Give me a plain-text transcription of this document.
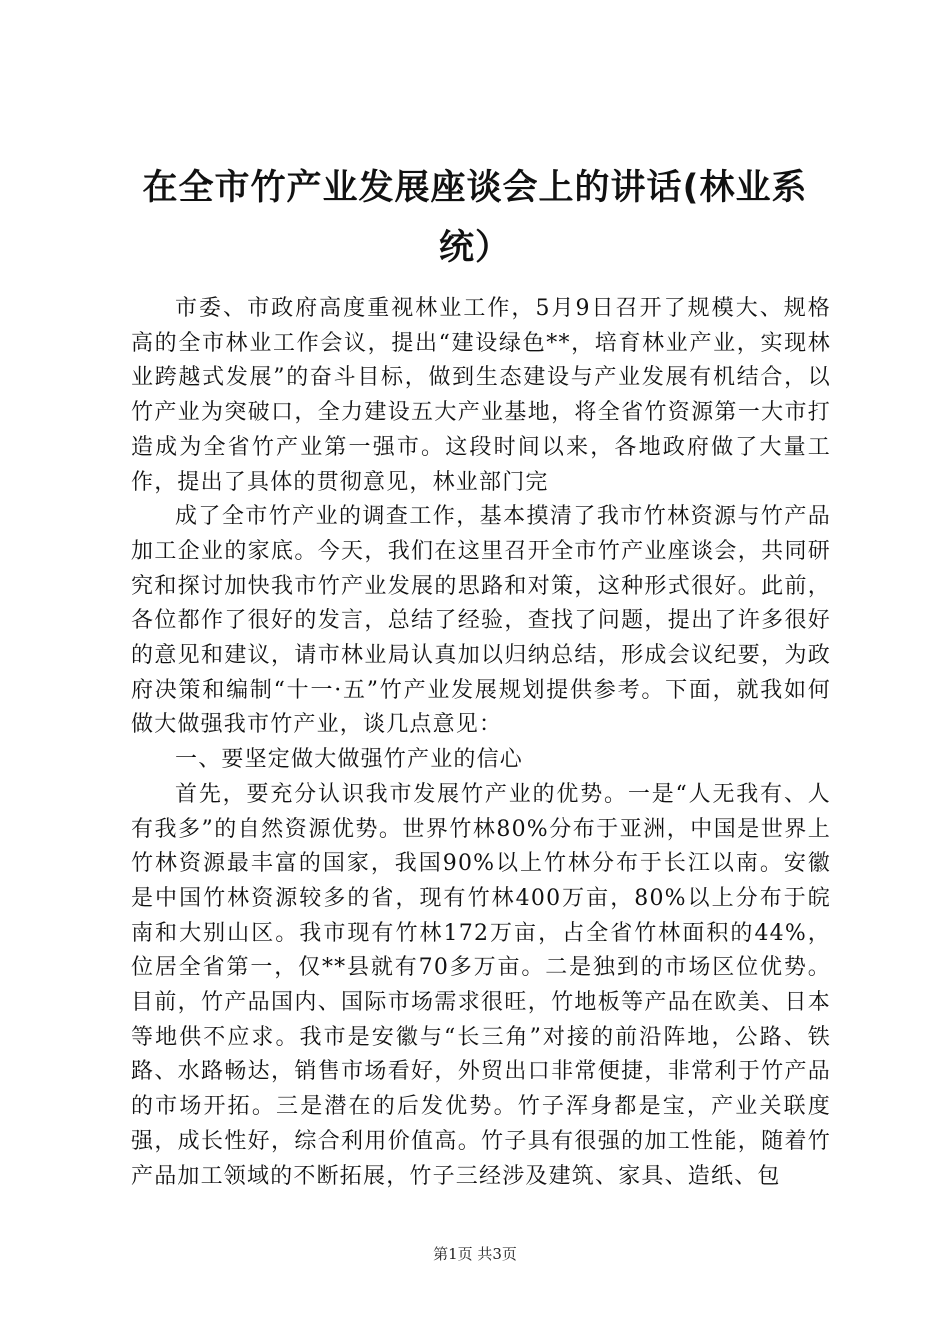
在全市竹产业发展座谈会上的讲话(林业系统）

市委、市政府高度重视林业工作，5月9日召开了规模大、规格高的全市林业工作会议，提出“建设绿色**，培育林业产业，实现林业跨越式发展”的奋斗目标，做到生态建设与产业发展有机结合，以竹产业为突破口，全力建设五大产业基地，将全省竹资源第一大市打造成为全省竹产业第一强市。这段时间以来，各地政府做了大量工作，提出了具体的贯彻意见，林业部门完

成了全市竹产业的调查工作，基本摸清了我市竹林资源与竹产品加工企业的家底。今天，我们在这里召开全市竹产业座谈会，共同研究和探讨加快我市竹产业发展的思路和对策，这种形式很好。此前，各位都作了很好的发言，总结了经验，查找了问题，提出了许多很好的意见和建议，请市林业局认真加以归纳总结，形成会议纪要，为政府决策和编制“十一·五”竹产业发展规划提供参考。下面，就我如何做大做强我市竹产业，谈几点意见：

一、要坚定做大做强竹产业的信心

首先，要充分认识我市发展竹产业的优势。一是“人无我有、人有我多”的自然资源优势。世界竹林80%分布于亚洲，中国是世界上竹林资源最丰富的国家，我国90%以上竹林分布于长江以南。安徽是中国竹林资源较多的省，现有竹林400万亩，80%以上分布于皖南和大别山区。我市现有竹林172万亩，占全省竹林面积的44%，位居全省第一，仅**县就有70多万亩。二是独到的市场区位优势。目前，竹产品国内、国际市场需求很旺，竹地板等产品在欧美、日本等地供不应求。我市是安徽与“长三角”对接的前沿阵地，公路、铁路、水路畅达，销售市场看好，外贸出口非常便捷，非常利于竹产品的市场开拓。三是潜在的后发优势。竹子浑身都是宝，产业关联度强，成长性好，综合利用价值高。竹子具有很强的加工性能，随着竹产品加工领域的不断拓展，竹子三经涉及建筑、家具、造纸、包

第1页 共3页
